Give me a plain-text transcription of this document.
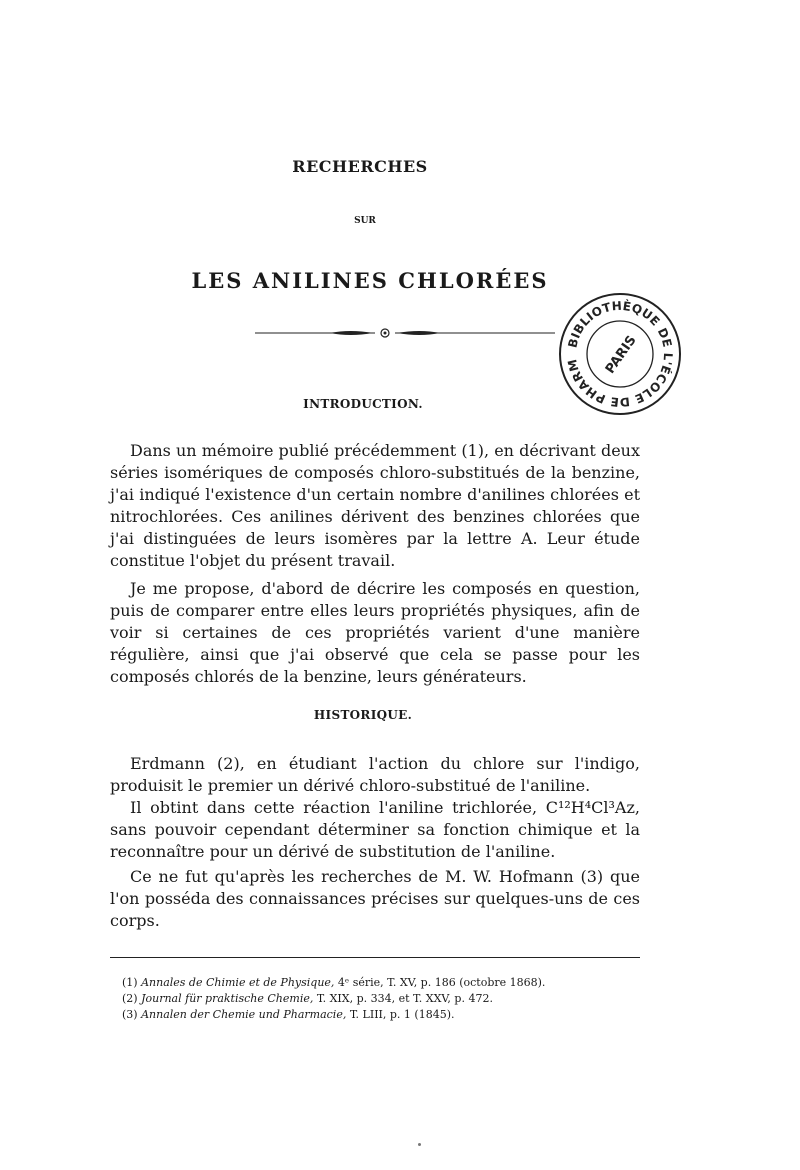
RECHERCHES
SUR
LES ANILINES CHLORÉES
INTRODUCTION.

Dans un mémoire publié précédemment (1), en décrivant deux séries isomériques de composés chloro-substitués de la benzine, j'ai indiqué l'existence d'un certain nombre d'anilines chlorées et nitrochlorées. Ces anilines dérivent des benzines chlorées que j'ai distinguées de leurs isomères par la lettre A. Leur étude constitue l'objet du présent travail.

Je me propose, d'abord de décrire les composés en question, puis de comparer entre elles leurs propriétés physiques, afin de voir si certaines de ces propriétés varient d'une manière régulière, ainsi que j'ai observé que cela se passe pour les composés chlorés de la benzine, leurs générateurs.

HISTORIQUE.

Erdmann (2), en étudiant l'action du chlore sur l'indigo, produisit le premier un dérivé chloro-substitué de l'aniline.

Il obtint dans cette réaction l'aniline trichlorée, C¹²H⁴Cl³Az, sans pouvoir cependant déterminer sa fonction chimique et la reconnaître pour un dérivé de substitution de l'aniline.

Ce ne fut qu'après les recherches de M. W. Hofmann (3) que l'on posséda des connaissances précises sur quelques-uns de ces corps.

(1) Annales de Chimie et de Physique, 4ᵉ série, T. XV, p. 186 (octobre 1868).
(2) Journal für praktische Chemie, T. XIX, p. 334, et T. XXV, p. 472.
(3) Annalen der Chemie und Pharmacie, T. LIII, p. 1 (1845).
BIBLIOTHÈQUE DE L'ÉCOLE DE PHARM	PARIS
